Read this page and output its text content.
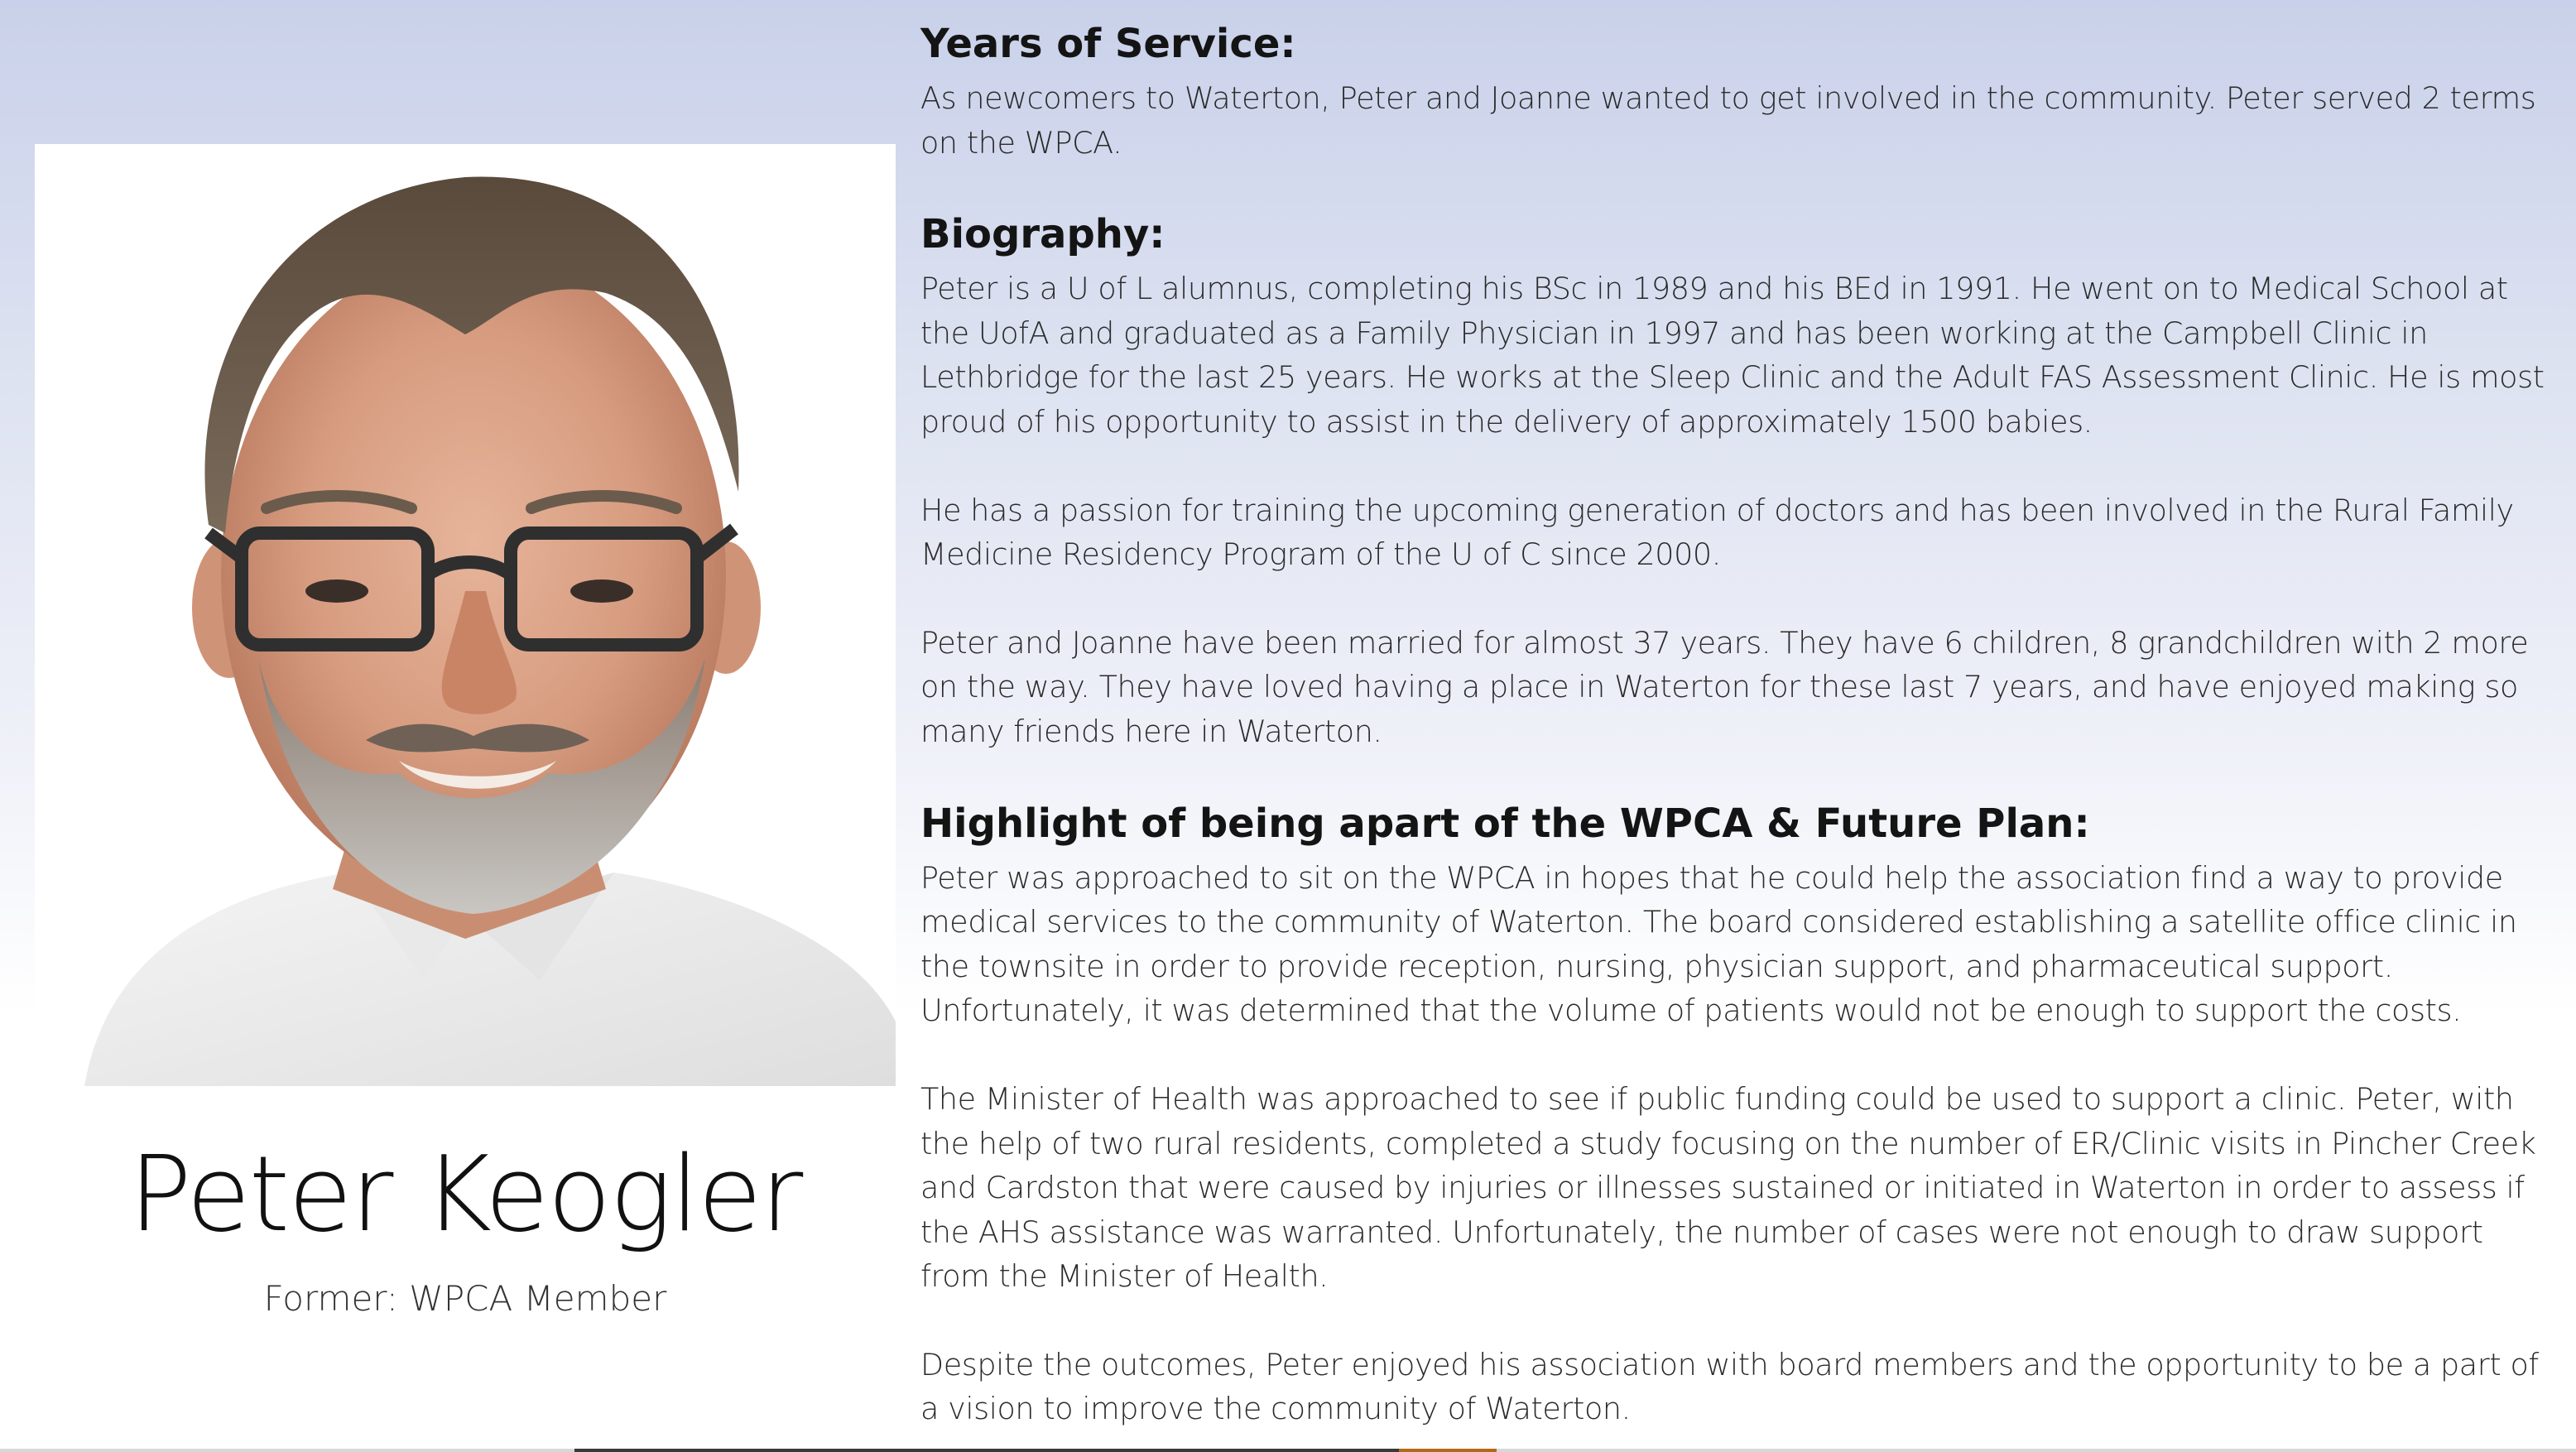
Peter Keogler
Former: WPCA Member
Years of Service:

As newcomers to Waterton, Peter and Joanne wanted to get involved in the community. Peter served 2 terms on the WPCA.

Biography:

Peter is a U of L alumnus, completing his BSc in 1989 and his BEd in 1991. He went on to Medical School at the UofA and graduated as a Family Physician in 1997 and has been working at the Campbell Clinic in Lethbridge for the last 25 years. He works at the Sleep Clinic and the Adult FAS Assessment Clinic. He is most proud of his opportunity to assist in the delivery of approximately 1500 babies.

He has a passion for training the upcoming generation of doctors and has been involved in the Rural Family Medicine Residency Program of the U of C since 2000.

Peter and Joanne have been married for almost 37 years. They have 6 children, 8 grandchildren with 2 more on the way. They have loved having a place in Waterton for these last 7 years, and have enjoyed making so many friends here in Waterton.

Highlight of being apart of the WPCA & Future Plan:

Peter was approached to sit on the WPCA in hopes that he could help the association find a way to provide medical services to the community of Waterton. The board considered establishing a satellite office clinic in the townsite in order to provide reception, nursing, physician support, and pharmaceutical support. Unfortunately, it was determined that the volume of patients would not be enough to support the costs.

The Minister of Health was approached to see if public funding could be used to support a clinic. Peter, with the help of two rural residents, completed a study focusing on the number of ER/Clinic visits in Pincher Creek and Cardston that were caused by injuries or illnesses sustained or initiated in Waterton in order to assess if the AHS assistance was warranted. Unfortunately, the number of cases were not enough to draw support from the Minister of Health.

Despite the outcomes, Peter enjoyed his association with board members and the opportunity to be a part of a vision to improve the community of Waterton.
